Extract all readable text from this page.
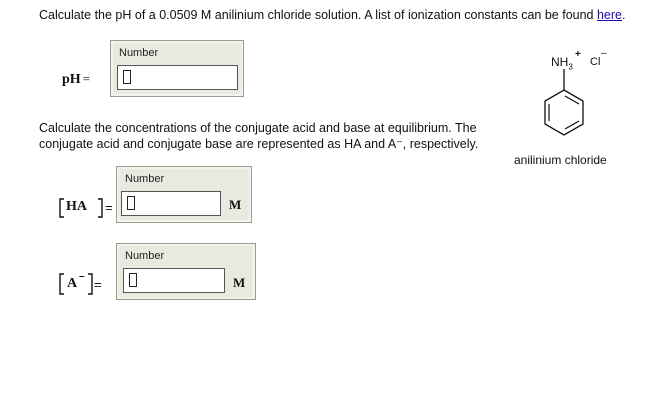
Calculate the pH of a 0.0509 M anilinium chloride solution. A list of ionization constants can be found here.
pH =
Number
Calculate the concentrations of the conjugate acid and base at equilibrium. The
conjugate acid and conjugate base are represented as HA and A⁻, respectively.
HA =
Number
M
A –
=
Number
M
$NH_3$
+
Cl
–
anilinium chloride
